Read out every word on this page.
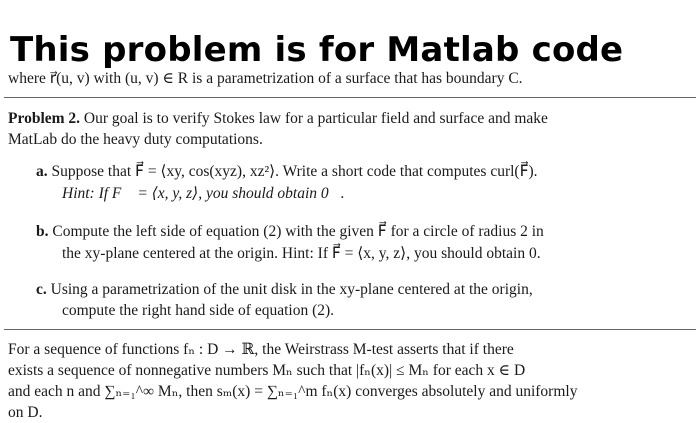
This problem is for Matlab code
where r⃗(u, v) with (u, v) ∈ R is a parametrization of a surface that has boundary C.
Problem 2. Our goal is to verify Stokes law for a particular field and surface and make
MatLab do the heavy duty computations.
a. Suppose that F⃗ = ⟨xy, cos(xyz), xz²⟩. Write a short code that computes curl(F⃗).
Hint: If F⃗ = ⟨x, y, z⟩, you should obtain 0⃗.
b. Compute the left side of equation (2) with the given F⃗ for a circle of radius 2 in
the xy-plane centered at the origin. Hint: If F⃗ = ⟨x, y, z⟩, you should obtain 0.
c. Using a parametrization of the unit disk in the xy-plane centered at the origin,
compute the right hand side of equation (2).
For a sequence of functions fₙ : D → ℝ, the Weirstrass M-test asserts that if there
exists a sequence of nonnegative numbers Mₙ such that |fₙ(x)| ≤ Mₙ for each x ∈ D
and each n and ∑ₙ₌₁^∞ Mₙ, then sₘ(x) = ∑ₙ₌₁^m fₙ(x) converges absolutely and uniformly
on D.
